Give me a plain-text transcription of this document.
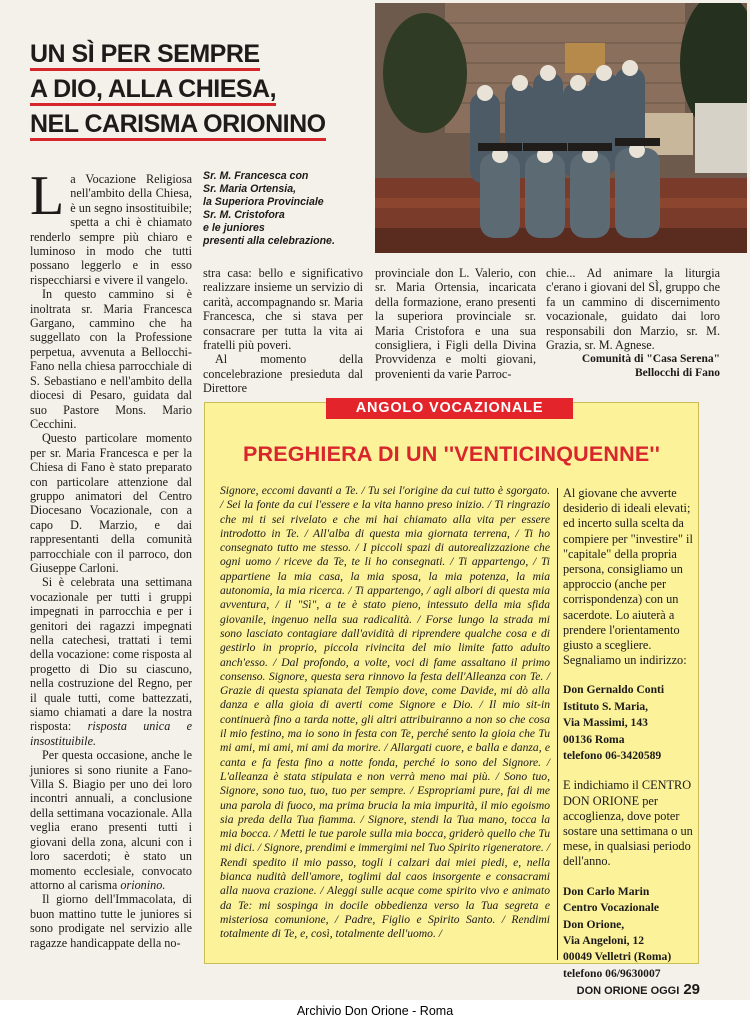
UN SÌ PER SEMPRE
A DIO, ALLA CHIESA,
NEL CARISMA ORIONINO
Sr. M. Francesca con
Sr. Maria Ortensia,
la Superiora Provinciale
Sr. M. Cristofora
e le juniores
presenti alla celebrazione.

La Vocazione Religiosa nell'ambito della Chiesa, è un segno insostituibile; spetta a chi è chiamato renderlo sempre più chiaro e luminoso in modo che tutti possano leggerlo e in esso rispecchiarsi e vivere il vangelo.

In questo cammino si è inoltrata sr. Maria Francesca Garganо, cammino che ha suggellato con la Professione perpetua, avvenuta a Bellocchi-Fano nella chiesa parrocchiale di S. Sebastiano e nell'ambito della diocesi di Pesaro, guidata dal suo Pastore Mons. Mario Cecchini.

Questo particolare momento per sr. Maria Francesca e per la Chiesa di Fano è stato preparato con particolare attenzione dal gruppo animatori del Centro Diocesano Vocazionale, con a capo D. Marzio, e dai rappresentanti della comunità parrocchiale con il parroco, don Giuseppe Carloni.

Si è celebrata una settimana vocazionale per tutti i gruppi impegnati in parrocchia e per i genitori dei ragazzi impegnati nella catechesi, trattati i temi della vocazione: come risposta al progetto di Dio su ciascuno, nella costruzione del Regno, per il quale tutti, come battezzati, siamo chiamati a dare la nostra risposta: risposta unica e insostituibile.

Per questa occasione, anche le juniores si sono riunite a Fano-Villa S. Biagio per uno dei loro incontri annuali, a conclusione della settimana vocazionale. Alla veglia erano presenti tutti i giovani della zona, alcuni con i loro sacerdoti; è stato un momento ecclesiale, convocato attorno al carisma orionino.

Il giorno dell'Immacolata, di buon mattino tutte le juniores si sono prodigate nel servizio alle ragazze handicappate della no-

stra casa: bello e significativo realizzare insieme un servizio di carità, accompagnando sr. Maria Francesca, che si stava per consacrare per tutta la vita ai fratelli più poveri.

Al momento della concelebrazione presieduta dal Direttore

provinciale don L. Valerio, con sr. Maria Ortensia, incaricata della formazione, erano presenti la superiora provinciale sr. Maria Cristofora e una sua consigliera, i Figli della Divina Provvidenza e molti giovani, provenienti da varie Parroc-

chie... Ad animare la liturgia c'erano i giovani del SÌ, gruppo che fa un cammino di discernimento vocazionale, guidato dai loro responsabili don Marzio, sr. M. Grazia, sr. M. Agnese.

Comunità di "Casa Serena"
Bellocchi di Fano
ANGOLO VOCAZIONALE
PREGHIERA DI UN ''VENTICINQUENNE''
Signore, eccomi davanti a Te. / Tu sei l'origine da cui tutto è sgorgato. / Sei la fonte da cui l'essere e la vita hanno preso inizio. / Ti ringrazio che mi ti sei rivelato e che mi hai chiamato alla vita per essere introdotto in Te. / All'alba di questa mia giornata terrena, / Ti ho consegnato tutto me stesso. / I piccoli spazi di autorealizzazione che ogni uomo / riceve da Te, te li ho consegnati. / Ti appartengo, / Ti appartiene la mia casa, la mia sposa, la mia potenza, la mia autonomia, la mia ricerca. / Ti appartengo, / agli albori di questa mia avventura, / il "Sì", a te è stato pieno, intessuto della mia sfida giovanile, ingenuo nella sua radicalità. / Forse lungo la strada mi sono lasciato contagiare dall'avidità di riprendere qualche cosa e di gestirlo in proprio, piccola rivincita del mio limite fatto adulto anch'esso. / Dal profondo, a volte, voci di fame assaltano il primo consenso. Signore, questa sera rinnovo la festa dell'Alleanza con Te. / Grazie di questa spianata del Tempio dove, come Davide, mi dò alla danza e alla gioia di averti come Signore e Dio. / Il mio sit-in continuerà fino a tarda notte, gli altri attribuiranno a non so che cosa il mio festino, ma io sono in festa con Te, perché sento la gioia che Tu mi ami, mi ami, mi ami da morire. / Allargati cuore, e balla e danza, e canta e fa festa fino a notte fonda, perché io sono del Signore. / L'alleanza è stata stipulata e non verrà meno mai più. / Sono tuo, Signore, sono tuo, tuo, tuo per sempre. / Espropriami pure, fai di me una parola di fuoco, ma prima brucia la mia impurità, il mio egoismo sia preda della Tua fiamma. / Signore, stendi la Tua mano, tocca la mia bocca. / Metti le tue parole sulla mia bocca, griderò quello che Tu mi dici. / Signore, prendimi e immergimi nel Tuo Spirito rigeneratore. / Rendi spedito il mio passo, togli i calzari dai miei piedi, e, nella bianca nudità dell'amore, toglimi dal caos insorgente e consacrami alla nuova crazione. / Aleggi sulle acque come spirito vivo e animato da Te: mi sospinga in docile obbedienza verso la Tua segreta e misteriosa comunione, / Padre, Figlio e Spirito Santo. / Rendimi totalmente di Te, e, così, totalmente dell'uomo. /
Al giovane che avverte desiderio di ideali elevati; ed incerto sulla scelta da compiere per "investire" il "capitale" della propria persona, consigliamo un approccio (anche per corrispondenza) con un sacerdote. Lo aiuterà a prendere l'orientamento giusto a scegliere. Segnaliamo un indirizzo:
Don Gernaldo Conti
Istituto S. Maria,
Via Massimi, 143
00136 Roma
telefono 06-3420589
E indichiamo il CENTRO DON ORIONE per accoglienza, dove poter sostare una settimana o un mese, in qualsiasi periodo dell'anno.
Don Carlo Marin
Centro Vocazionale
Don Orione,
Via Angeloni, 12
00049 Velletri (Roma)
telefono 06/9630007
DON ORIONE OGGI 29
Archivio Don Orione - Roma
